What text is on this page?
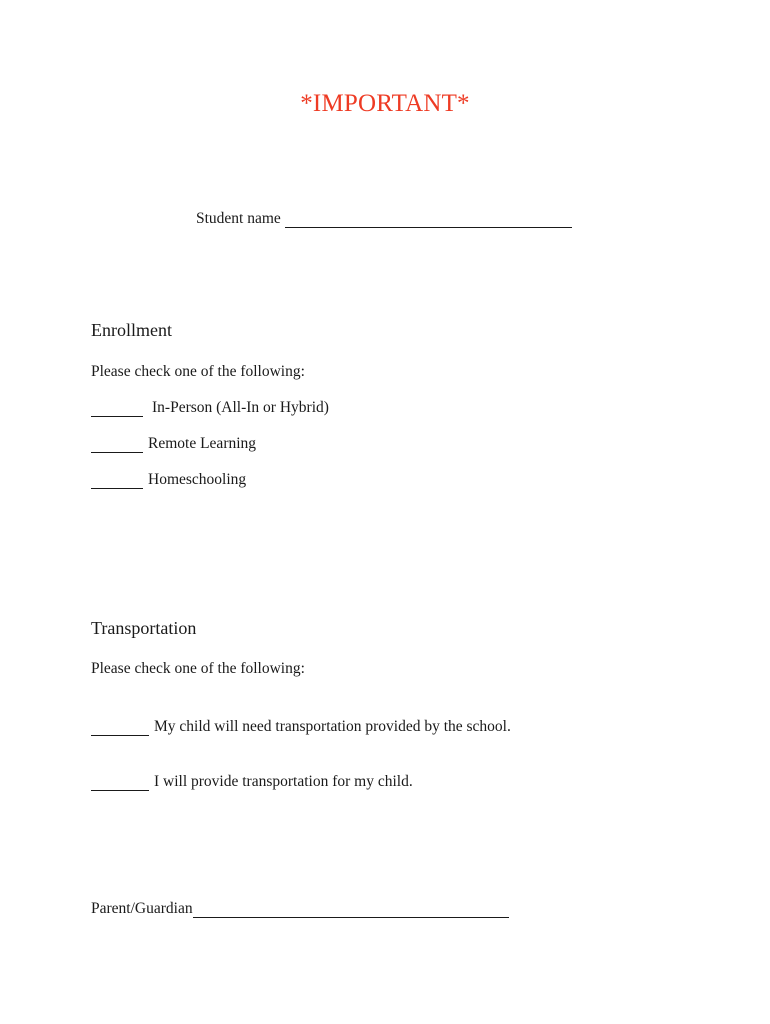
*IMPORTANT*
Student name
Enrollment
Please check one of the following:
In-Person (All-In or Hybrid)
Remote Learning
Homeschooling
Transportation
Please check one of the following:
My child will need transportation provided by the school.
I will provide transportation for my child.
Parent/Guardian
